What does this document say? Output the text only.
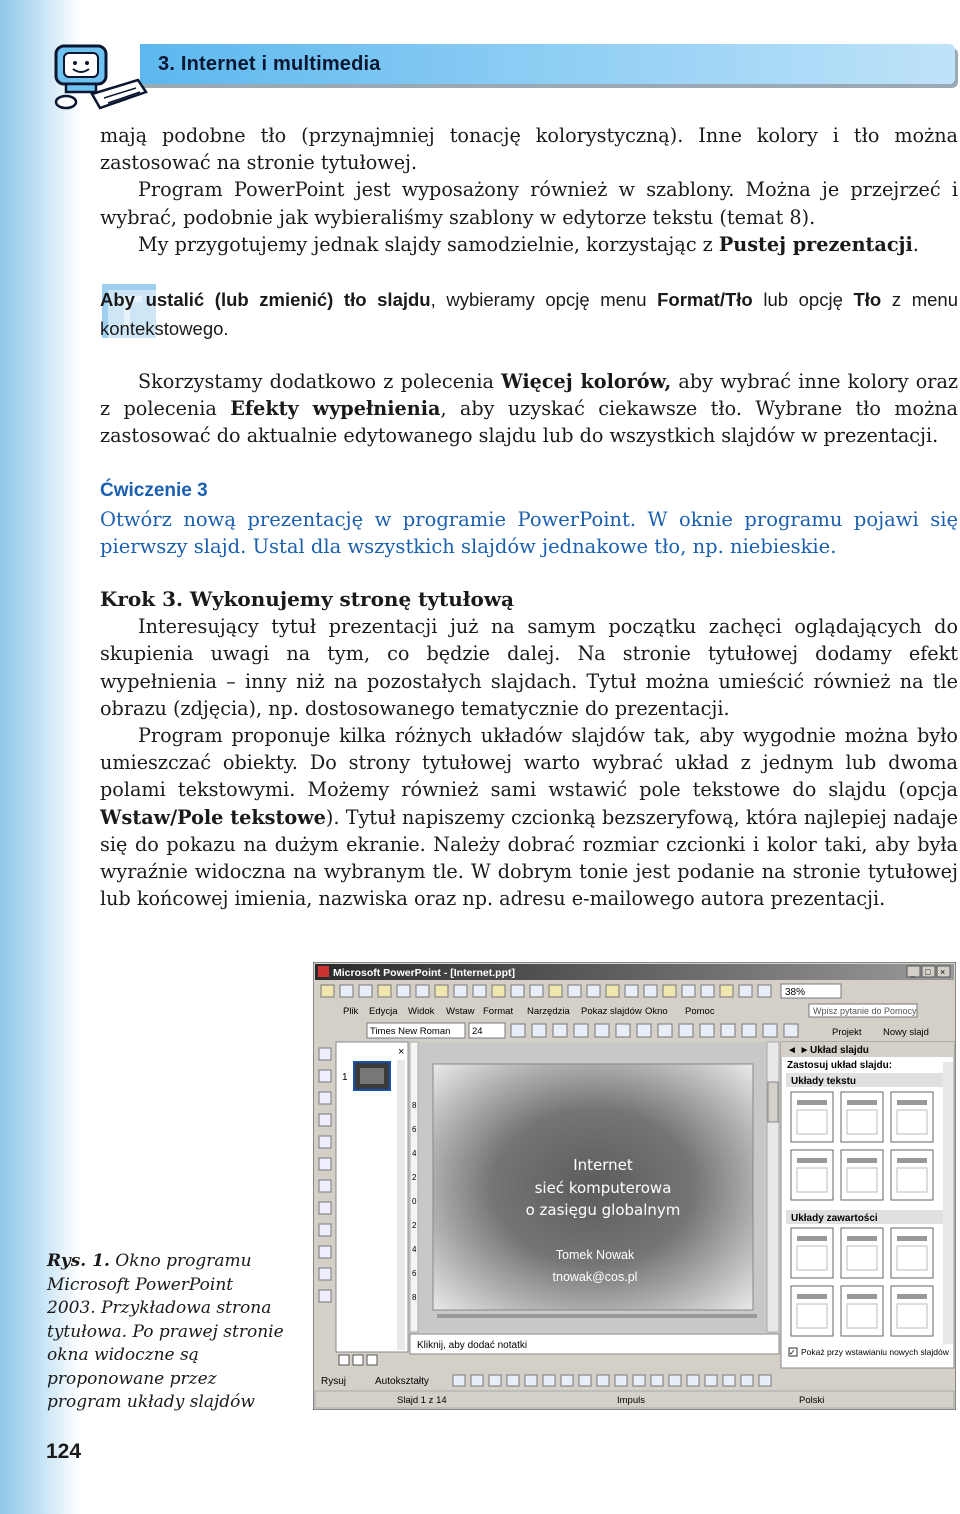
3. Internet i multimedia

mają podobne tło (przynajmniej tonację kolorystyczną). Inne kolory i tło można zastosować na stronie tytułowej.

Program PowerPoint jest wyposażony również w szablony. Można je przejrzeć i wybrać, podobnie jak wybieraliśmy szablony w edytorze tekstu (temat 8).

My przygotujemy jednak slajdy samodzielnie, korzystając z Pustej prezentacji.

Aby ustalić (lub zmienić) tło slajdu, wybieramy opcję menu Format/Tło lub opcję Tło z menu kontekstowego.

Skorzystamy dodatkowo z polecenia Więcej kolorów, aby wybrać inne kolory oraz z polecenia Efekty wypełnienia, aby uzyskać ciekawsze tło. Wybrane tło można zastosować do aktualnie edytowanego slajdu lub do wszystkich slajdów w prezentacji.

Ćwiczenie 3

Otwórz nową prezentację w programie PowerPoint. W oknie programu pojawi się pierwszy slajd. Ustal dla wszystkich slajdów jednakowe tło, np. niebieskie.

Krok 3. Wykonujemy stronę tytułową

Interesujący tytuł prezentacji już na samym początku zachęci oglądających do skupienia uwagi na tym, co będzie dalej. Na stronie tytułowej dodamy efekt wypełnienia – inny niż na pozostałych slajdach. Tytuł można umieścić również na tle obrazu (zdjęcia), np. dostosowanego tematycznie do prezentacji.

Program proponuje kilka różnych układów slajdów tak, aby wygodnie można było umieszczać obiekty. Do strony tytułowej warto wybrać układ z jednym lub dwoma polami tekstowymi. Możemy również sami wstawić pole tekstowe do slajdu (opcja Wstaw/Pole tekstowe). Tytuł napiszemy czcionką bezszeryfową, która najlepiej nadaje się do pokazu na dużym ekranie. Należy dobrać rozmiar czcionki i kolor taki, aby była wyraźnie widoczna na wybranym tle. W dobrym tonie jest podanie na stronie tytułowej lub końcowej imienia, nazwiska oraz np. adresu e-mailowego autora prezentacji.

Microsoft PowerPoint - [Internet.ppt]	_ □ ×
38%
Plik Edycja Widok Wstaw Format Narzędzia Pokaz slajdów Okno Pomoc	Wpisz pytanie do Pomocy
Times New Roman 24	Projekt Nowy slajd
×
1
8
6
4
2
0
2
4
6
8
Internet
sieć komputerowa
o zasięgu globalnym
Tomek Nowak
tnowak@cos.pl
Kliknij, aby dodać notatki
Układ slajdu
◄ ►
Zastosuj układ slajdu:
Układy tekstu
Układy zawartości
✓ Pokaż przy wstawianiu nowych slajdów
Rysuj	Autokształty
Slajd 1 z 14	Impuls	Polski
Rys. 1. Okno programu Microsoft PowerPoint 2003. Przykładowa strona tytułowa. Po prawej stronie okna widoczne są proponowane przez program układy slajdów
124
